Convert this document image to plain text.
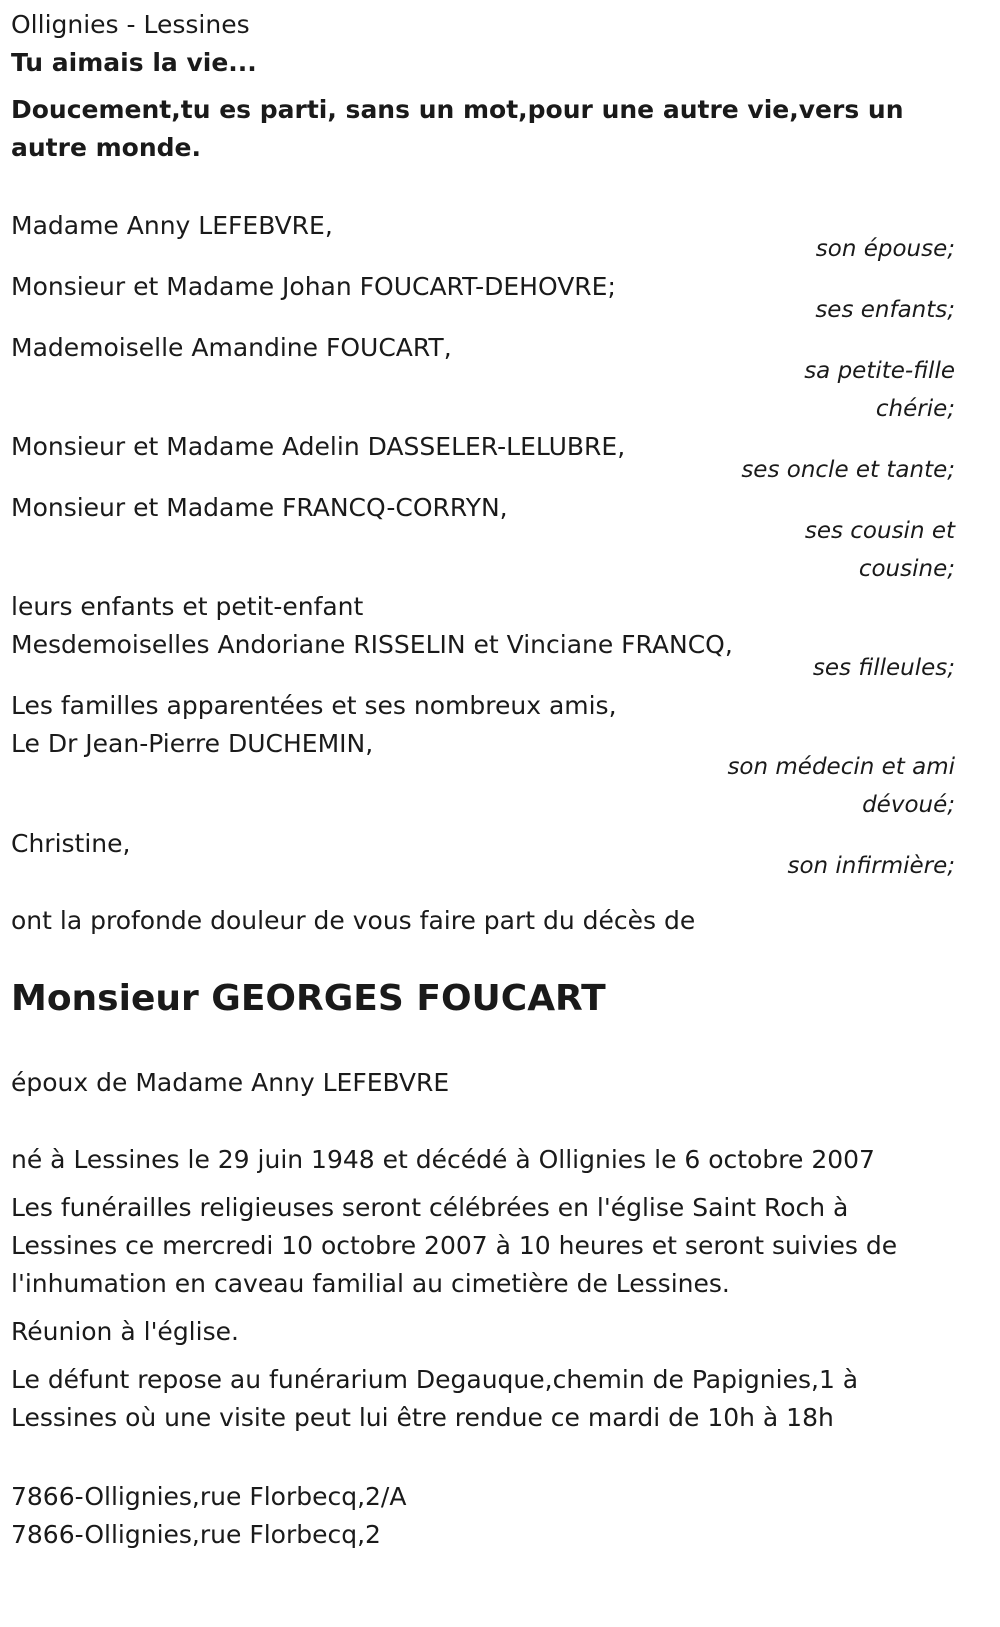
Ollignies - Lessines
Tu aimais la vie...
Doucement,tu es parti, sans un mot,pour une autre vie,vers un autre monde.
Madame Anny LEFEBVRE,
son épouse;
Monsieur et Madame Johan FOUCART-DEHOVRE;
ses enfants;
Mademoiselle Amandine FOUCART,
sa petite-fille chérie;
Monsieur et Madame Adelin DASSELER-LELUBRE,
ses oncle et tante;
Monsieur et Madame FRANCQ-CORRYN,
ses cousin et cousine;
leurs enfants et petit-enfant
Mesdemoiselles Andoriane RISSELIN et Vinciane FRANCQ,
ses filleules;
Les familles apparentées et ses nombreux amis,
Le Dr Jean-Pierre DUCHEMIN,
son médecin et ami dévoué;
Christine,
son infirmière;
ont la profonde douleur de vous faire part du décès de
Monsieur GEORGES FOUCART
époux de Madame Anny LEFEBVRE
né à Lessines le 29 juin 1948 et décédé à Ollignies le 6 octobre 2007
Les funérailles religieuses seront célébrées en l'église Saint Roch à Lessines ce mercredi 10 octobre 2007 à 10 heures et seront suivies de l'inhumation en caveau familial au cimetière de Lessines.
Réunion à l'église.
Le défunt repose au funérarium Degauque,chemin de Papignies,1 à Lessines où une visite peut lui être rendue ce mardi de 10h à 18h
7866-Ollignies,rue Florbecq,2/A
7866-Ollignies,rue Florbecq,2
